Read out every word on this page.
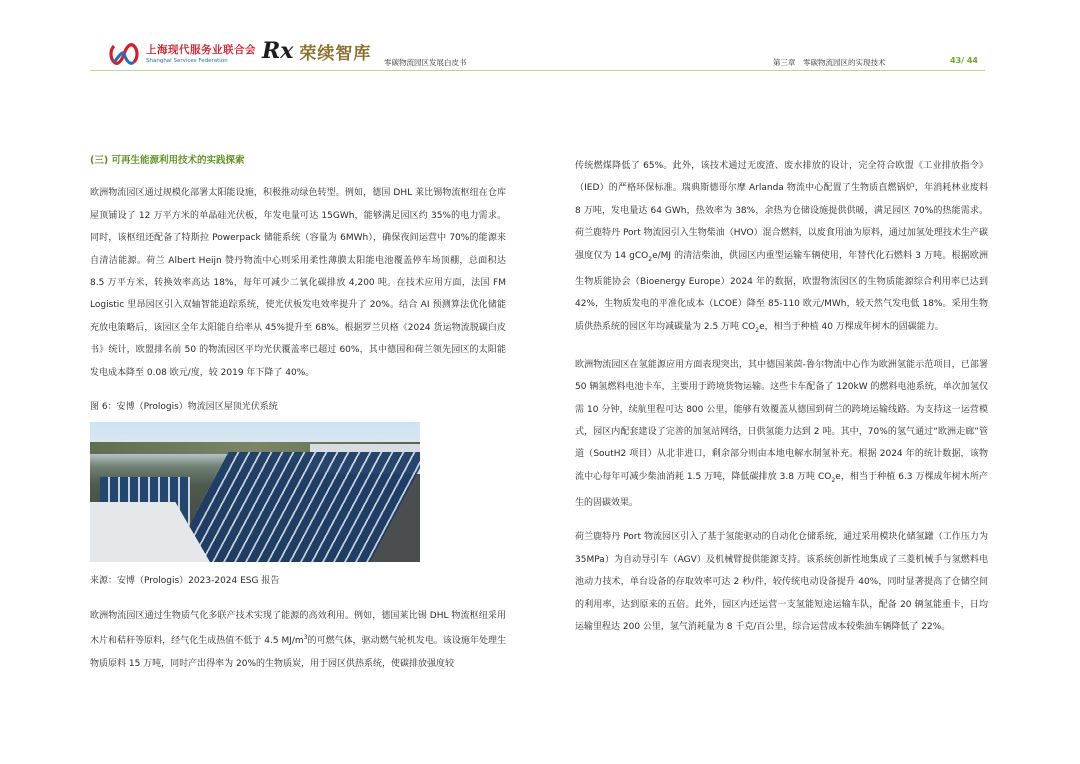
上海现代服务业联合会
Shanghai Services Federation	Rx 荣续智库 零碳物流园区发展白皮书	第三章　零碳物流园区的实现技术	43/ 44

(三) 可再生能源利用技术的实践探索

欧洲物流园区通过规模化部署太阳能设施，积极推动绿色转型。例如，德国 DHL 莱比锡物流枢纽在仓库屋顶铺设了 12 万平方米的单晶硅光伏板，年发电量可达 15GWh，能够满足园区约 35%的电力需求。同时，该枢纽还配备了特斯拉 Powerpack 储能系统（容量为 6MWh），确保夜间运营中 70%的能源来自清洁能源。荷兰 Albert Heijn 赞丹物流中心则采用柔性薄膜太阳能电池覆盖停车场顶棚，总面积达 8.5 万平方米，转换效率高达 18%，每年可减少二氧化碳排放 4,200 吨。在技术应用方面，法国 FM Logistic 里昂园区引入双轴智能追踪系统，使光伏板发电效率提升了 20%。结合 AI 预测算法优化储能充放电策略后，该园区全年太阳能自给率从 45%提升至 68%。根据罗兰贝格《2024 货运物流脱碳白皮书》统计，欧盟排名前 50 的物流园区平均光伏覆盖率已超过 60%，其中德国和荷兰领先园区的太阳能发电成本降至 0.08 欧元/度，较 2019 年下降了 40%。

图 6：安博（Prologis）物流园区屋顶光伏系统

来源：安博（Prologis）2023-2024 ESG 报告

欧洲物流园区通过生物质气化多联产技术实现了能源的高效利用。例如，德国莱比锡 DHL 物流枢纽采用木片和秸秆等原料，经气化生成热值不低于 4.5 $MJ/m^3$的可燃气体，驱动燃气轮机发电。该设施年处理生物质原料 15 万吨，同时产出得率为 20%的生物质炭，用于园区供热系统，使碳排放强度较

传统燃煤降低了 65%。此外，该技术通过无废渣、废水排放的设计，完全符合欧盟《工业排放指令》（IED）的严格环保标准。瑞典斯德哥尔摩 Arlanda 物流中心配置了生物质直燃锅炉，年消耗林业废料 8 万吨，发电量达 64 GWh，热效率为 38%，余热为仓储设施提供供暖，满足园区 70%的热能需求。荷兰鹿特丹 Port 物流园引入生物柴油（HVO）混合燃料，以废食用油为原料，通过加氢处理技术生产碳强度仅为 14 gCO$_2$e/MJ 的清洁柴油，供园区内重型运输车辆使用，年替代化石燃料 3 万吨。根据欧洲生物质能协会（Bioenergy Europe）2024 年的数据，欧盟物流园区的生物质能源综合利用率已达到 42%，生物质发电的平准化成本（LCOE）降至 85-110 欧元/MWh，较天然气发电低 18%。采用生物质供热系统的园区年均减碳量为 2.5 万吨 $CO_2e$，相当于种植 40 万棵成年树木的固碳能力。

欧洲物流园区在氢能源应用方面表现突出，其中德国莱茵-鲁尔物流中心作为欧洲氢能示范项目，已部署 50 辆氢燃料电池卡车，主要用于跨境货物运输。这些卡车配备了 120kW 的燃料电池系统，单次加氢仅需 10 分钟，续航里程可达 800 公里，能够有效覆盖从德国到荷兰的跨境运输线路。为支持这一运营模式，园区内配套建设了完善的加氢站网络，日供氢能力达到 2 吨。其中，70%的氢气通过“欧洲走廊”管道（SoutH2 项目）从北非进口，剩余部分则由本地电解水制氢补充。根据 2024 年的统计数据，该物流中心每年可减少柴油消耗 1.5 万吨，降低碳排放 3.8 万吨 $CO_2e$，相当于种植 6.3 万棵成年树木所产生的固碳效果。

荷兰鹿特丹 Port 物流园区引入了基于氢能驱动的自动化仓储系统，通过采用模块化储氢罐（工作压力为 35MPa）为自动导引车（AGV）及机械臂提供能源支持。该系统创新性地集成了三菱机械手与氢燃料电池动力技术，单台设备的存取效率可达 2 秒/件，较传统电动设备提升 40%，同时显著提高了仓储空间的利用率，达到原来的五倍。此外，园区内还运营一支氢能短途运输车队，配备 20 辆氢能重卡，日均运输里程达 200 公里，氢气消耗量为 8 千克/百公里，综合运营成本较柴油车辆降低了 22%。
